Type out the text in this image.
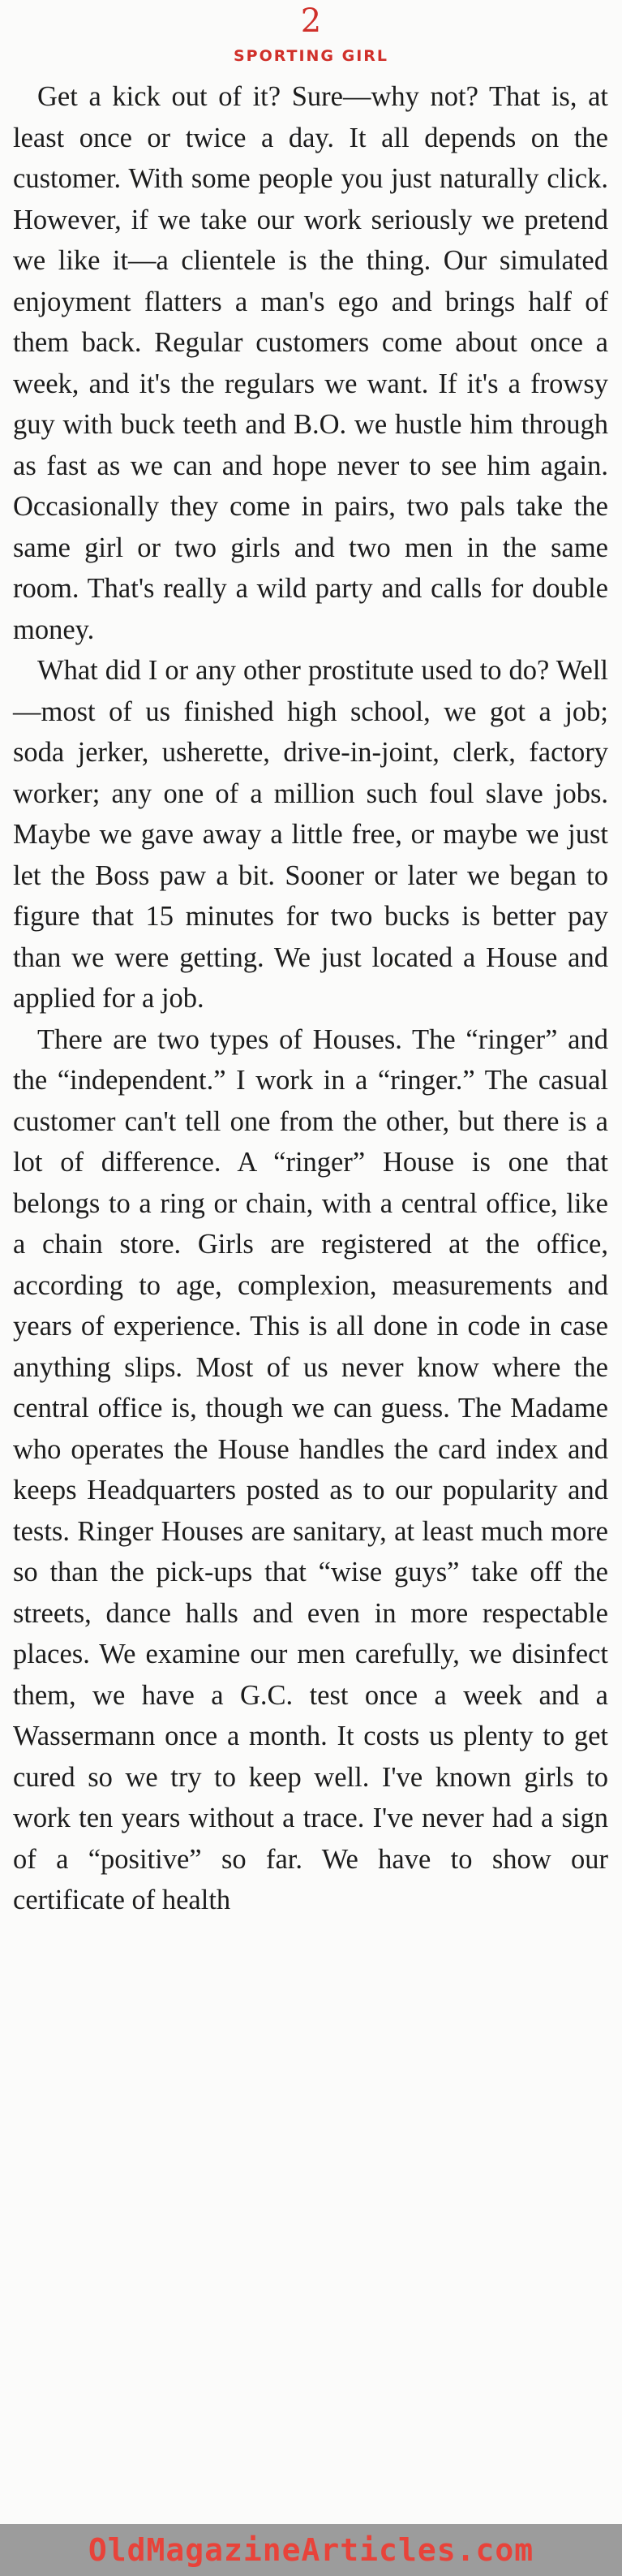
2
SPORTING GIRL

Get a kick out of it? Sure—why not? That is, at least once or twice a day. It all depends on the customer. With some people you just naturally click. However, if we take our work seriously we pretend we like it—a clientele is the thing. Our simulated enjoyment flatters a man's ego and brings half of them back. Regular customers come about once a week, and it's the regulars we want. If it's a frowsy guy with buck teeth and B.O. we hustle him through as fast as we can and hope never to see him again. Occasionally they come in pairs, two pals take the same girl or two girls and two men in the same room. That's really a wild party and calls for double money.

What did I or any other prostitute used to do? Well—most of us finished high school, we got a job; soda jerker, usherette, drive-in-joint, clerk, factory worker; any one of a million such foul slave jobs. Maybe we gave away a little free, or maybe we just let the Boss paw a bit. Sooner or later we began to figure that 15 minutes for two bucks is better pay than we were getting. We just located a House and applied for a job.

There are two types of Houses. The “ringer” and the “independent.” I work in a “ringer.” The casual customer can't tell one from the other, but there is a lot of difference. A “ringer” House is one that belongs to a ring or chain, with a central office, like a chain store. Girls are registered at the office, according to age, complexion, measurements and years of experience. This is all done in code in case anything slips. Most of us never know where the central office is, though we can guess. The Madame who operates the House handles the card index and keeps Headquarters posted as to our popularity and tests. Ringer Houses are sanitary, at least much more so than the pick-ups that “wise guys” take off the streets, dance halls and even in more respectable places. We examine our men carefully, we disinfect them, we have a G.C. test once a week and a Wassermann once a month. It costs us plenty to get cured so we try to keep well. I've known girls to work ten years without a trace. I've never had a sign of a “positive” so far. We have to show our certificate of health

OldMagazineArticles.com
